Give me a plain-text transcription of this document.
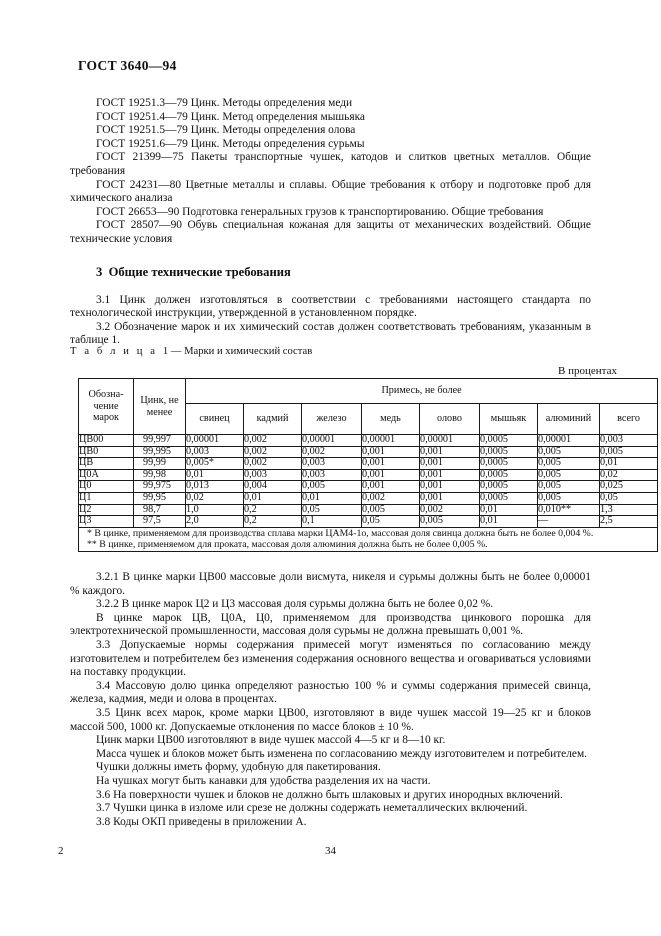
ГОСТ 3640—94

ГОСТ 19251.3—79 Цинк. Методы определения меди

ГОСТ 19251.4—79 Цинк. Метод определения мышьяка

ГОСТ 19251.5—79 Цинк. Методы определения олова

ГОСТ 19251.6—79 Цинк. Методы определения сурьмы

ГОСТ 21399—75 Пакеты транспортные чушек, катодов и слитков цветных металлов. Общие требования

ГОСТ 24231—80 Цветные металлы и сплавы. Общие требования к отбору и подготовке проб для химического анализа

ГОСТ 26653—90 Подготовка генеральных грузов к транспортированию. Общие требования

ГОСТ 28507—90 Обувь специальная кожаная для защиты от механических воздействий. Общие технические условия

3 Общие технические требования

3.1 Цинк должен изготовляться в соответствии с требованиями настоящего стандарта по технологической инструкции, утвержденной в установленном порядке.

3.2 Обозначение марок и их химический состав должен соответствовать требованиям, указанным в таблице 1.

Т а б л и ц а 1 — Марки и химический состав

В процентах

Обозна-
чение
марок	Цинк, не
менее	Примесь, не более							
		свинец	кадмий	железо	медь	олово	мышьяк	алюминий	всего
ЦВ00	99,997	0,00001	0,002	0,00001	0,00001	0,00001	0,0005	0,00001	0,003
ЦВ0	99,995	0,003	0,002	0,002	0,001	0,001	0,0005	0,005	0,005
ЦВ	99,99	0,005*	0,002	0,003	0,001	0,001	0,0005	0,005	0,01
Ц0А	99,98	0,01	0,003	0,003	0,001	0,001	0,0005	0,005	0,02
Ц0	99,975	0,013	0,004	0,005	0,001	0,001	0,0005	0,005	0,025
Ц1	99,95	0,02	0,01	0,01	0,002	0,001	0,0005	0,005	0,05
Ц2	98,7	1,0	0,2	0,05	0,005	0,002	0,01	0,010**	1,3
Ц3	97,5	2,0	0,2	0,1	0,05	0,005	0,01	—	2,5

* В цинке, применяемом для производства сплава марки ЦАМ4-1о, массовая доля свинца должна быть не более 0,004 %.

** В цинке, применяемом для проката, массовая доля алюминия должна быть не более 0,005 %.									

3.2.1 В цинке марки ЦВ00 массовые доли висмута, никеля и сурьмы должны быть не более 0,00001 % каждого.

3.2.2 В цинке марок Ц2 и Ц3 массовая доля сурьмы должна быть не более 0,02 %.

В цинке марок ЦВ, Ц0А, Ц0, применяемом для производства цинкового порошка для электротехнической промышленности, массовая доля сурьмы не должна превышать 0,001 %.

3.3 Допускаемые нормы содержания примесей могут изменяться по согласованию между изготовителем и потребителем без изменения содержания основного вещества и оговариваться условиями на поставку продукции.

3.4 Массовую долю цинка определяют разностью 100 % и суммы содержания примесей свинца, железа, кадмия, меди и олова в процентах.

3.5 Цинк всех марок, кроме марки ЦВ00, изготовляют в виде чушек массой 19—25 кг и блоков массой 500, 1000 кг. Допускаемые отклонения по массе блоков ± 10 %.

Цинк марки ЦВ00 изготовляют в виде чушек массой 4—5 кг и 8—10 кг.

Масса чушек и блоков может быть изменена по согласованию между изготовителем и потребителем.

Чушки должны иметь форму, удобную для пакетирования.

На чушках могут быть канавки для удобства разделения их на части.

3.6 На поверхности чушек и блоков не должно быть шлаковых и других инородных включений.

3.7 Чушки цинка в изломе или срезе не должны содержать неметаллических включений.

3.8 Коды ОКП приведены в приложении А.

2	34
